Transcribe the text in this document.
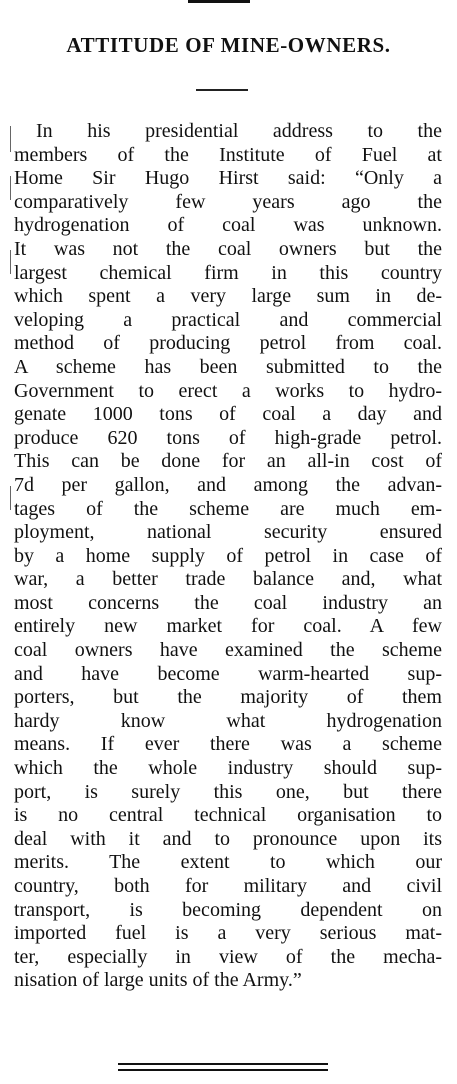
ATTITUDE OF MINE-OWNERS.
In his presidential address to the
members of the Institute of Fuel at
Home Sir Hugo Hirst said: “Only a
comparatively few years ago the
hydrogenation of coal was unknown.
It was not the coal owners but the
largest chemical firm in this country
which spent a very large sum in de-
veloping a practical and commercial
method of producing petrol from coal.
A scheme has been submitted to the
Government to erect a works to hydro-
genate 1000 tons of coal a day and
produce 620 tons of high-grade petrol.
This can be done for an all-in cost of
7d per gallon, and among the advan-
tages of the scheme are much em-
ployment, national security ensured
by a home supply of petrol in case of
war, a better trade balance and, what
most concerns the coal industry an
entirely new market for coal. A few
coal owners have examined the scheme
and have become warm-hearted sup-
porters, but the majority of them
hardy know what hydrogenation
means. If ever there was a scheme
which the whole industry should sup-
port, is surely this one, but there
is no central technical organisation to
deal with it and to pronounce upon its
merits. The extent to which our
country, both for military and civil
transport, is becoming dependent on
imported fuel is a very serious mat-
ter, especially in view of the mecha-
nisation of large units of the Army.”
